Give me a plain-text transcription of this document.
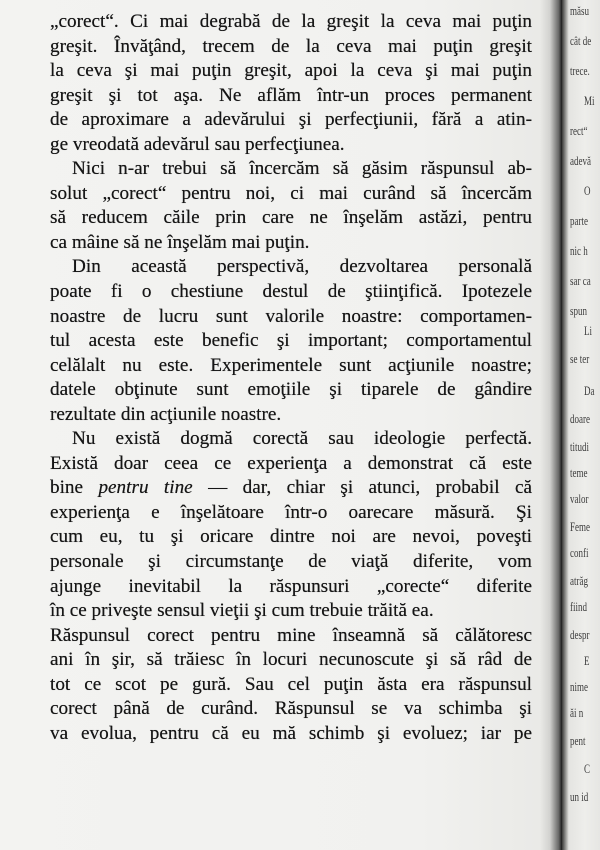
„corect“. Ci mai degrabă de la greşit la ceva mai puţin

greşit. Învăţând, trecem de la ceva mai puţin greşit

la ceva şi mai puţin greşit, apoi la ceva şi mai puţin

greşit şi tot aşa. Ne aflăm într-un proces permanent

de aproximare a adevărului şi perfecţiunii, fără a atin-

ge vreodată adevărul sau perfecţiunea.

Nici n-ar trebui să încercăm să găsim răspunsul ab-

solut „corect“ pentru noi, ci mai curând să încercăm

să reducem căile prin care ne înşelăm astăzi, pentru

ca mâine să ne înşelăm mai puţin.

Din această perspectivă, dezvoltarea personală

poate fi o chestiune destul de ştiinţifică. Ipotezele

noastre de lucru sunt valorile noastre: comportamen-

tul acesta este benefic şi important; comportamentul

celălalt nu este. Experimentele sunt acţiunile noastre;

datele obţinute sunt emoţiile şi tiparele de gândire

rezultate din acţiunile noastre.

Nu există dogmă corectă sau ideologie perfectă.

Există doar ceea ce experienţa a demonstrat că este

bine pentru tine — dar, chiar şi atunci, probabil că

experienţa e înşelătoare într-o oarecare măsură. Şi

cum eu, tu şi oricare dintre noi are nevoi, poveşti

personale şi circumstanţe de viaţă diferite, vom

ajunge inevitabil la răspunsuri „corecte“ diferite

în ce priveşte sensul vieţii şi cum trebuie trăită ea.

Răspunsul corect pentru mine înseamnă să călătoresc

ani în şir, să trăiesc în locuri necunoscute şi să râd de

tot ce scot pe gură. Sau cel puţin ăsta era răspunsul

corect până de curând. Răspunsul se va schimba şi

va evolua, pentru că eu mă schimb şi evoluez; iar pe

măsu
cât de
trece.
Mi
rect“
adevă
O
parte
nic h
sar ca
spun
Li
se ter
Da
doare
titudi
teme
valor
Feme
confi
atrăg
fiind
despr
E
nime
ăi n
pent
C
un id
